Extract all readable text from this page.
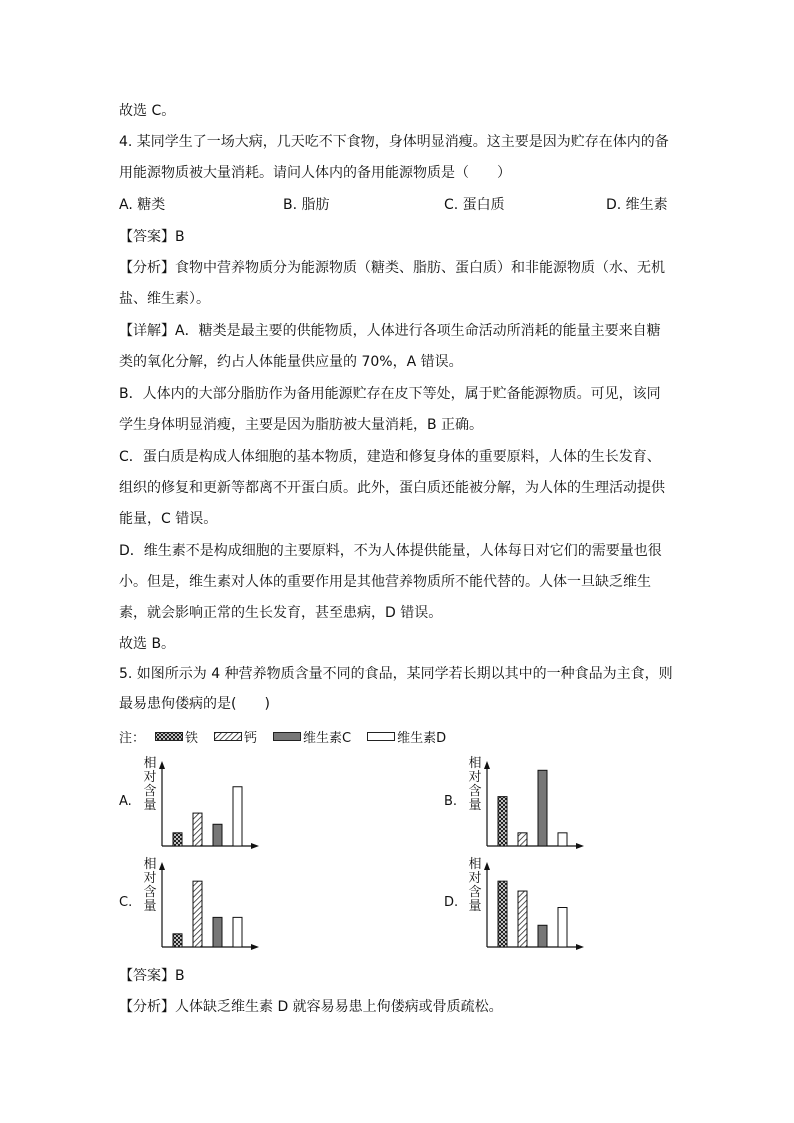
故选 C。
4. 某同学生了一场大病，几天吃不下食物，身体明显消瘦。这主要是因为贮存在体内的备
用能源物质被大量消耗。请问人体内的备用能源物质是（　　）
A. 糖类	B. 脂肪	C. 蛋白质	D. 维生素
【答案】B
【分析】食物中营养物质分为能源物质（糖类、脂肪、蛋白质）和非能源物质（水、无机
盐、维生素）。
【详解】A．糖类是最主要的供能物质，人体进行各项生命活动所消耗的能量主要来自糖
类的氧化分解，约占人体能量供应量的 70%，A 错误。
B．人体内的大部分脂肪作为备用能源贮存在皮下等处，属于贮备能源物质。可见，该同
学生身体明显消瘦，主要是因为脂肪被大量消耗，B 正确。
C．蛋白质是构成人体细胞的基本物质，建造和修复身体的重要原料，人体的生长发育、
组织的修复和更新等都离不开蛋白质。此外，蛋白质还能被分解，为人体的生理活动提供
能量，C 错误。
D．维生素不是构成细胞的主要原料，不为人体提供能量，人体每日对它们的需要量也很
小。但是，维生素对人体的重要作用是其他营养物质所不能代替的。人体一旦缺乏维生
素，就会影响正常的生长发育，甚至患病，D 错误。
故选 B。
5. 如图所示为 4 种营养物质含量不同的食品，某同学若长期以其中的一种食品为主食，则
最易患佝偻病的是(　　)
注：	铁	钙	维生素C	维生素D
A.
相对含量	B.
相对含量
C.
相对含量	D.
相对含量
【答案】B
【分析】人体缺乏维生素 D 就容易易患上佝偻病或骨质疏松。
